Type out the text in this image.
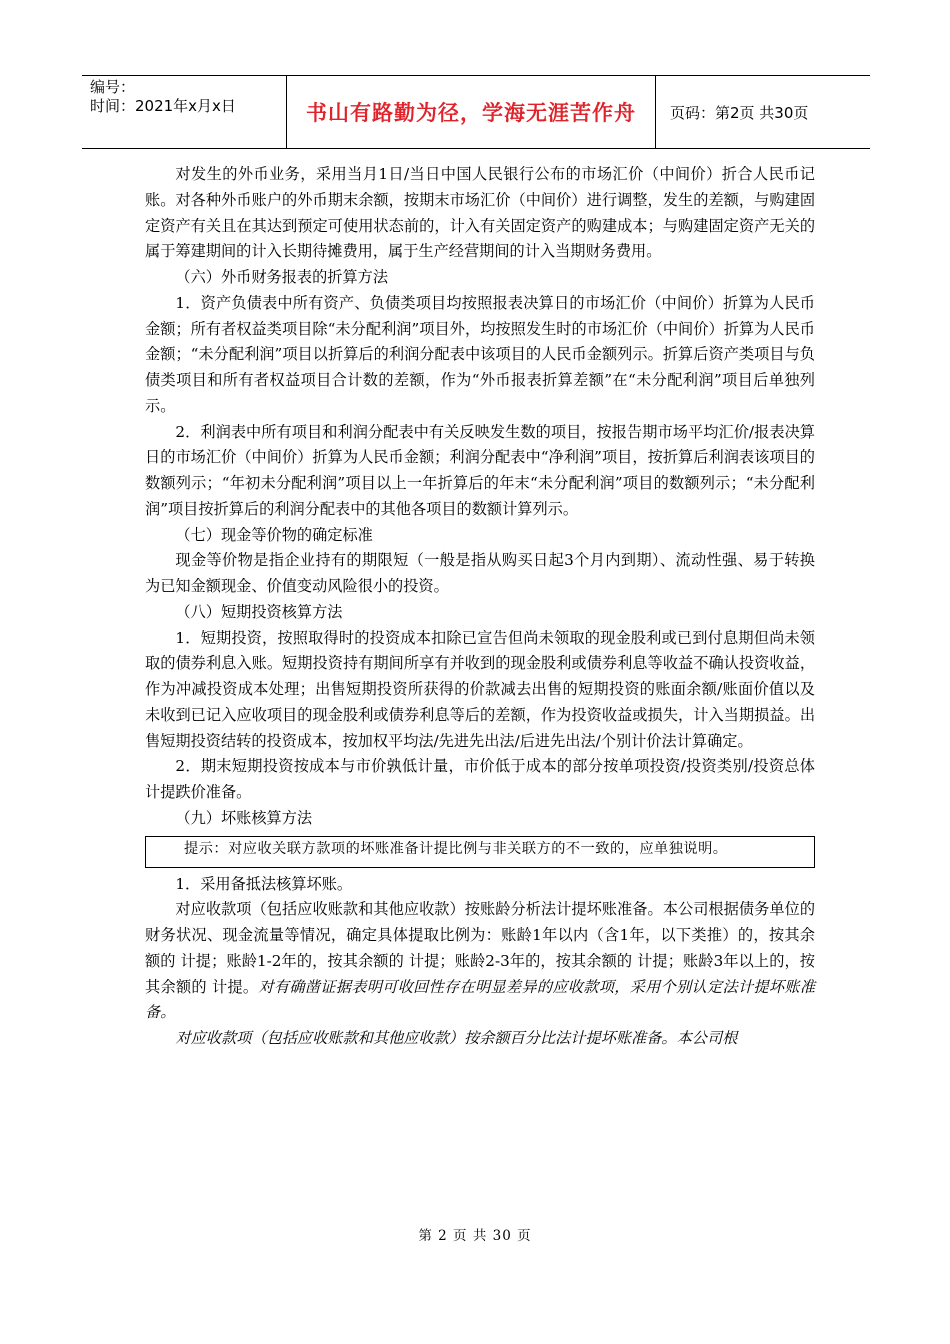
编号：
时间：2021年x月x日	书山有路勤为径，学海无涯苦作舟	页码：第2页 共30页

对发生的外币业务，采用当月1日/当日中国人民银行公布的市场汇价（中间价）折合人民币记账。对各种外币账户的外币期末余额，按期末市场汇价（中间价）进行调整，发生的差额，与购建固定资产有关且在其达到预定可使用状态前的，计入有关固定资产的购建成本；与购建固定资产无关的属于筹建期间的计入长期待摊费用，属于生产经营期间的计入当期财务费用。

（六）外币财务报表的折算方法

1．资产负债表中所有资产、负债类项目均按照报表决算日的市场汇价（中间价）折算为人民币金额；所有者权益类项目除“未分配利润”项目外，均按照发生时的市场汇价（中间价）折算为人民币金额；“未分配利润”项目以折算后的利润分配表中该项目的人民币金额列示。折算后资产类项目与负债类项目和所有者权益项目合计数的差额，作为“外币报表折算差额”在“未分配利润”项目后单独列示。

2．利润表中所有项目和利润分配表中有关反映发生数的项目，按报告期市场平均汇价/报表决算日的市场汇价（中间价）折算为人民币金额；利润分配表中“净利润”项目，按折算后利润表该项目的数额列示；“年初未分配利润”项目以上一年折算后的年末“未分配利润”项目的数额列示；“未分配利润”项目按折算后的利润分配表中的其他各项目的数额计算列示。

（七）现金等价物的确定标准

现金等价物是指企业持有的期限短（一般是指从购买日起3个月内到期）、流动性强、易于转换为已知金额现金、价值变动风险很小的投资。

（八）短期投资核算方法

1．短期投资，按照取得时的投资成本扣除已宣告但尚未领取的现金股利或已到付息期但尚未领取的债券利息入账。短期投资持有期间所享有并收到的现金股利或债券利息等收益不确认投资收益，作为冲减投资成本处理；出售短期投资所获得的价款减去出售的短期投资的账面余额/账面价值以及未收到已记入应收项目的现金股利或债券利息等后的差额，作为投资收益或损失，计入当期损益。出售短期投资结转的投资成本，按加权平均法/先进先出法/后进先出法/个别计价法计算确定。

2．期末短期投资按成本与市价孰低计量，市价低于成本的部分按单项投资/投资类别/投资总体计提跌价准备。

（九）坏账核算方法

提示：对应收关联方款项的坏账准备计提比例与非关联方的不一致的，应单独说明。

1．采用备抵法核算坏账。

对应收款项（包括应收账款和其他应收款）按账龄分析法计提坏账准备。本公司根据债务单位的财务状况、现金流量等情况，确定具体提取比例为：账龄1年以内（含1年，以下类推）的，按其余额的 计提；账龄1-2年的，按其余额的 计提；账龄2-3年的，按其余额的 计提；账龄3年以上的，按其余额的 计提。对有确凿证据表明可收回性存在明显差异的应收款项，采用个别认定法计提坏账准备。

对应收款项（包括应收账款和其他应收款）按余额百分比法计提坏账准备。本公司根

第 2 页 共 30 页
